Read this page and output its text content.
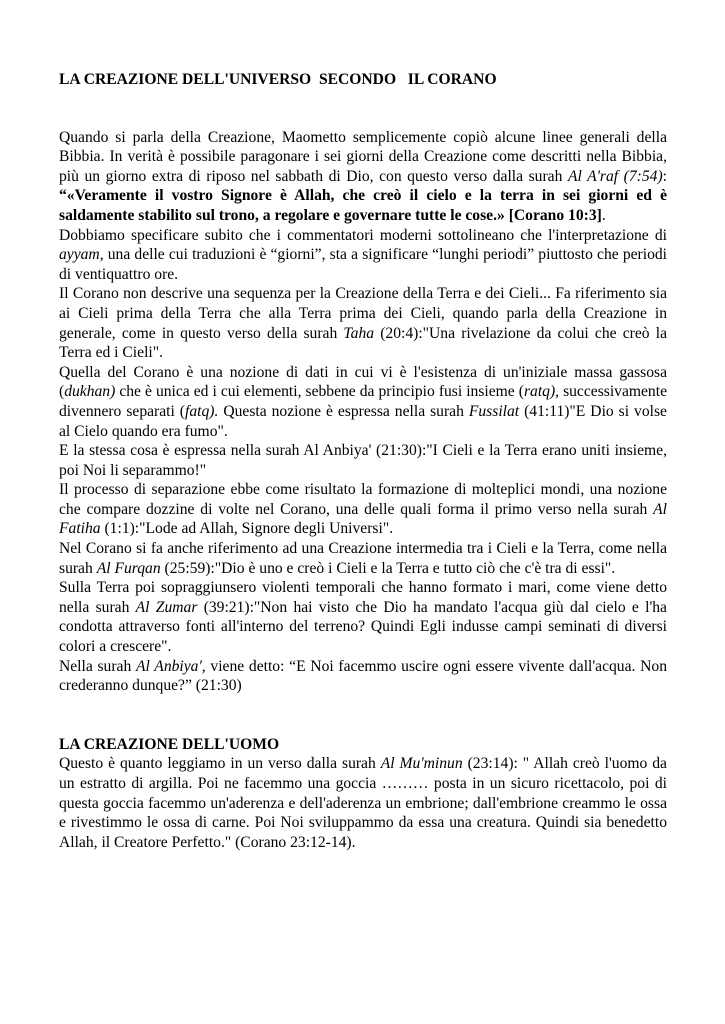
LA CREAZIONE DELL'UNIVERSO  SECONDO   IL CORANO

Quando si parla della Creazione, Maometto semplicemente copiò alcune linee generali della Bibbia. In verità è possibile paragonare i sei giorni della Creazione come descritti nella Bibbia, più un giorno extra di riposo nel sabbath di Dio, con questo verso dalla surah Al A'raf (7:54): “«Veramente il vostro Signore è Allah, che creò il cielo e la terra in sei giorni ed è saldamente stabilito sul trono, a regolare e governare tutte le cose.» [Corano 10:3].

Dobbiamo specificare subito che i commentatori moderni sottolineano che l'interpretazione di ayyam, una delle cui traduzioni è “giorni”, sta a significare “lunghi periodi” piuttosto che periodi di ventiquattro ore.

Il Corano non descrive una sequenza per la Creazione della Terra e dei Cieli... Fa riferimento sia ai Cieli prima della Terra che alla Terra prima dei Cieli, quando parla della Creazione in generale, come in questo verso della surah Taha (20:4):"Una rivelazione da colui che creò la Terra ed i Cieli".

Quella del Corano è una nozione di dati in cui vi è l'esistenza di un'iniziale massa gassosa (dukhan) che è unica ed i cui elementi, sebbene da principio fusi insieme (ratq), successivamente divennero separati (fatq). Questa nozione è espressa nella surah Fussilat (41:11)"E Dio si volse al Cielo quando era fumo".

E la stessa cosa è espressa nella surah Al Anbiya' (21:30):"I Cieli e la Terra erano uniti insieme, poi Noi li separammo!"

Il processo di separazione ebbe come risultato la formazione di molteplici mondi, una nozione che compare dozzine di volte nel Corano, una delle quali forma il primo verso nella surah Al Fatiha (1:1):"Lode ad Allah, Signore degli Universi".

Nel Corano si fa anche riferimento ad una Creazione intermedia tra i Cieli e la Terra, come nella surah Al Furqan (25:59):"Dio è uno e creò i Cieli e la Terra e tutto ciò che c'è tra di essi".

Sulla Terra poi sopraggiunsero violenti temporali che hanno formato i mari, come viene detto nella surah Al Zumar (39:21):"Non hai visto che Dio ha mandato l'acqua giù dal cielo e l'ha condotta attraverso fonti all'interno del terreno? Quindi Egli indusse campi seminati di diversi colori a crescere".

Nella surah Al Anbiya', viene detto: “E Noi facemmo uscire ogni essere vivente dall'acqua. Non crederanno dunque?” (21:30)

LA CREAZIONE DELL'UOMO

Questo è quanto leggiamo in un verso dalla surah Al Mu'minun (23:14): " Allah creò l'uomo da un estratto di argilla. Poi ne facemmo una goccia ……… posta in un sicuro ricettacolo, poi di questa goccia facemmo un'aderenza e dell'aderenza un embrione; dall'embrione creammo le ossa e rivestimmo le ossa di carne. Poi Noi sviluppammo da essa una creatura. Quindi sia benedetto Allah, il Creatore Perfetto." (Corano 23:12-14).
